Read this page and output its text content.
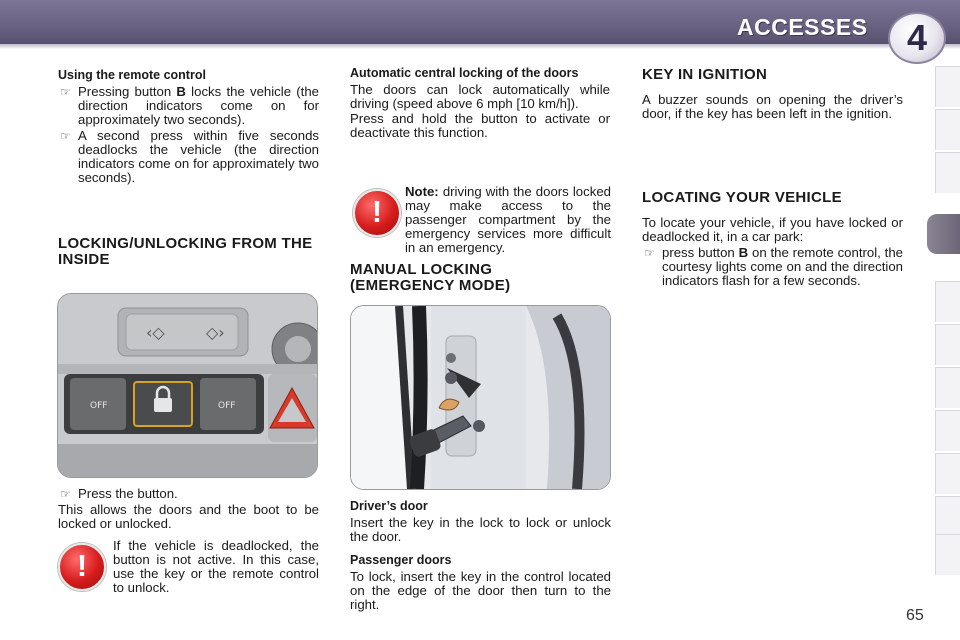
ACCESSES	4

Using the remote control

☞ Pressing button B locks the vehicle (the direction indicators come on for approximately two seconds).

☞ A second press within five seconds deadlocks the vehicle (the direction indicators come on for approximately two seconds).

LOCKING/UNLOCKING FROM THE INSIDE
‹◇	◇›
OFF	OFF

☞ Press the button.

This allows the doors and the boot to be locked or unlocked.

!

If the vehicle is deadlocked, the button is not active. In this case, use the key or the remote control to unlock.

Automatic central locking of the doors

The doors can lock automatically while driving (speed above 6 mph [10 km/h]).

Press and hold the button to activate or deactivate this function.

!

Note: driving with the doors locked may make access to the passenger compartment by the emergency services more difficult in an emergency.

MANUAL LOCKING
(EMERGENCY MODE)

Driver’s door

Insert the key in the lock to lock or unlock the door.

Passenger doors

To lock, insert the key in the control located on the edge of the door then turn to the right.

KEY IN IGNITION

A buzzer sounds on opening the driver’s door, if the key has been left in the ignition.

LOCATING YOUR VEHICLE

To locate your vehicle, if you have locked or deadlocked it, in a car park:

☞ press button B on the remote control, the courtesy lights come on and the direction indicators flash for a few seconds.

65
